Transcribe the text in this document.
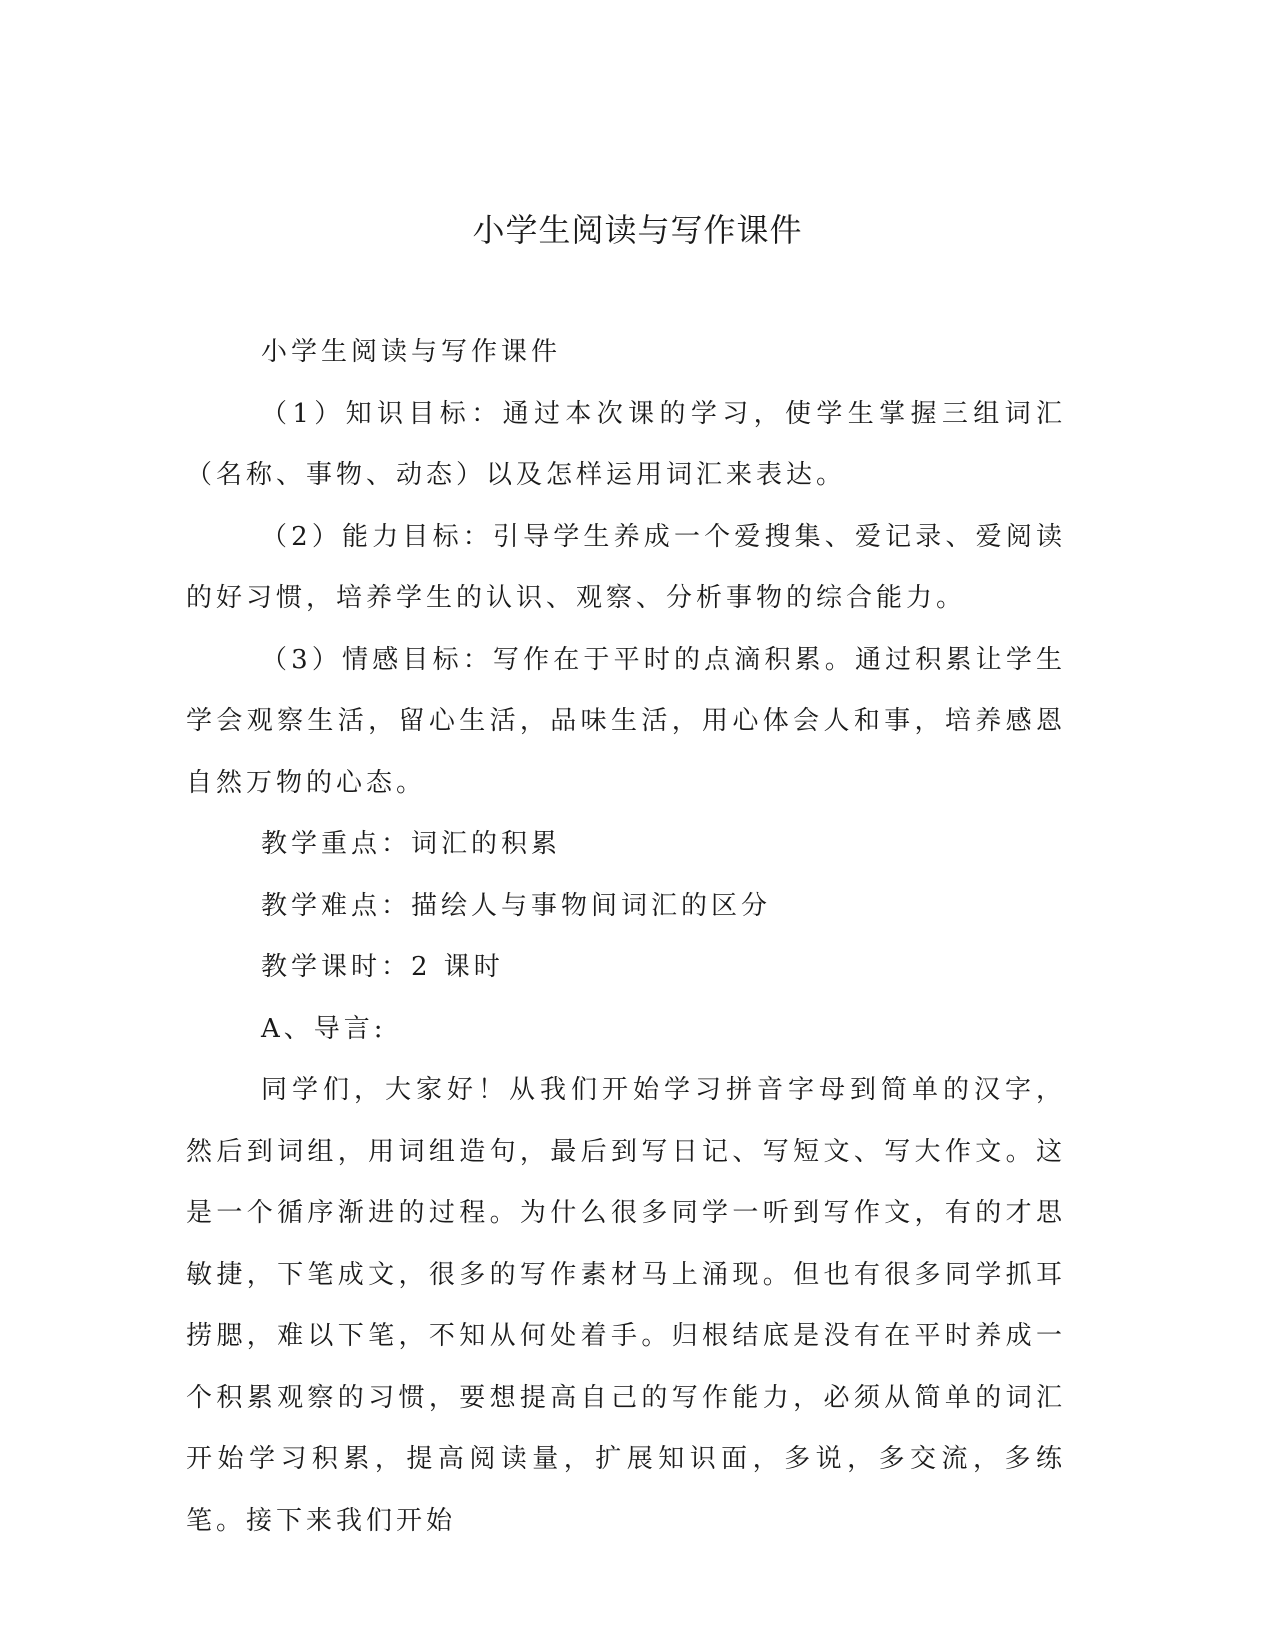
小学生阅读与写作课件

小学生阅读与写作课件

（1）知识目标：通过本次课的学习，使学生掌握三组词汇（名称、事物、动态）以及怎样运用词汇来表达。

（2）能力目标：引导学生养成一个爱搜集、爱记录、爱阅读的好习惯，培养学生的认识、观察、分析事物的综合能力。

（3）情感目标：写作在于平时的点滴积累。通过积累让学生学会观察生活，留心生活，品味生活，用心体会人和事，培养感恩自然万物的心态。

教学重点：词汇的积累

教学难点：描绘人与事物间词汇的区分

教学课时：2 课时

A、导言:

同学们，大家好！从我们开始学习拼音字母到简单的汉字，然后到词组，用词组造句，最后到写日记、写短文、写大作文。这是一个循序渐进的过程。为什么很多同学一听到写作文，有的才思敏捷，下笔成文，很多的写作素材马上涌现。但也有很多同学抓耳捞腮，难以下笔，不知从何处着手。归根结底是没有在平时养成一个积累观察的习惯，要想提高自己的写作能力，必须从简单的词汇开始学习积累，提高阅读量，扩展知识面，多说，多交流，多练笔。接下来我们开始
